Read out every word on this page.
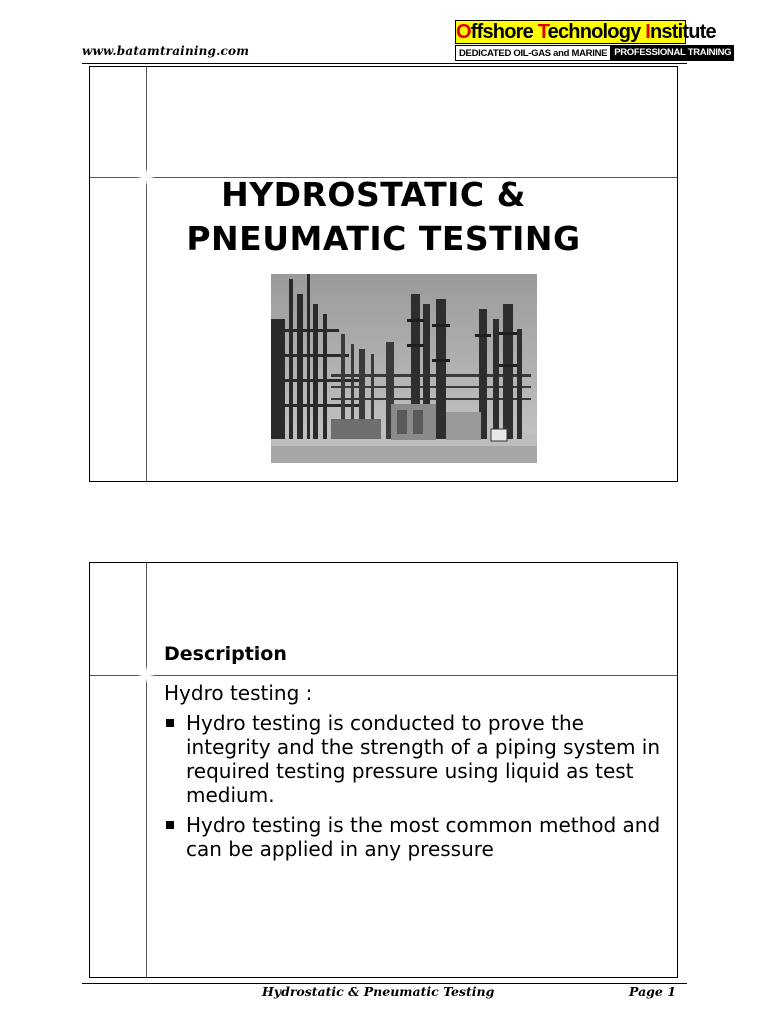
www.batamtraining.com
Offshore Technology Institute
DEDICATED OIL-GAS and MARINE PROFESSIONAL TRAINING
HYDROSTATIC &
PNEUMATIC TESTING
Description
Hydro testing :
Hydro testing is conducted to prove the integrity and the strength of a piping system in required testing pressure using liquid as test medium.
Hydro testing is the most common method and can be applied in any pressure
Hydrostatic & Pneumatic Testing	Page 1
